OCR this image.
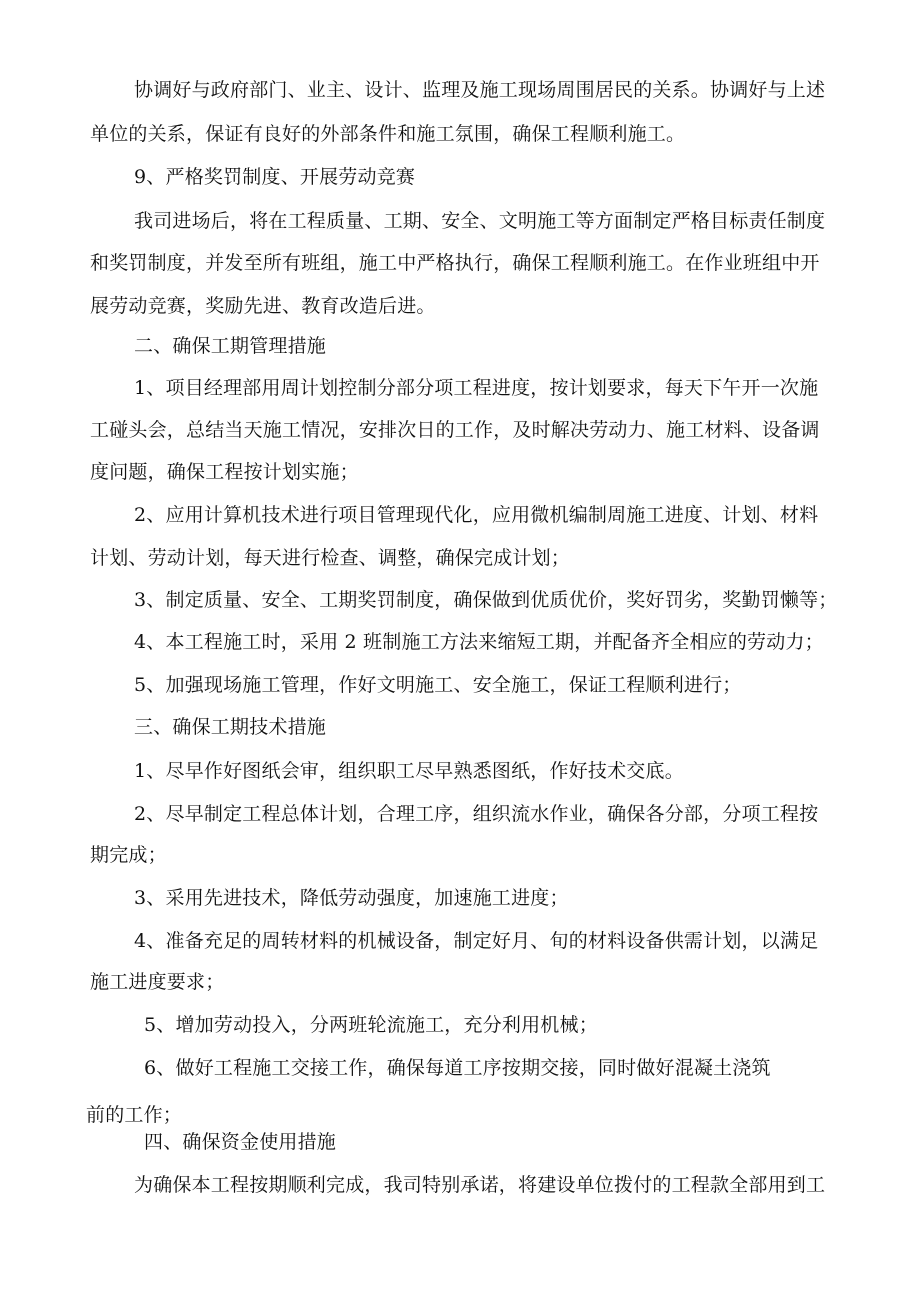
协调好与政府部门、业主、设计、监理及施工现场周围居民的关系。协调好与上述
单位的关系，保证有良好的外部条件和施工氛围，确保工程顺利施工。
9、严格奖罚制度、开展劳动竞赛
我司进场后，将在工程质量、工期、安全、文明施工等方面制定严格目标责任制度
和奖罚制度，并发至所有班组，施工中严格执行，确保工程顺利施工。在作业班组中开
展劳动竞赛，奖励先进、教育改造后进。
二、确保工期管理措施
1、项目经理部用周计划控制分部分项工程进度，按计划要求，每天下午开一次施
工碰头会，总结当天施工情况，安排次日的工作，及时解决劳动力、施工材料、设备调
度问题，确保工程按计划实施；
2、应用计算机技术进行项目管理现代化，应用微机编制周施工进度、计划、材料
计划、劳动计划，每天进行检查、调整，确保完成计划；
3、制定质量、安全、工期奖罚制度，确保做到优质优价，奖好罚劣，奖勤罚懒等；
4、本工程施工时，采用 2 班制施工方法来缩短工期，并配备齐全相应的劳动力；
5、加强现场施工管理，作好文明施工、安全施工，保证工程顺利进行；
三、确保工期技术措施
1、尽早作好图纸会审，组织职工尽早熟悉图纸，作好技术交底。
2、尽早制定工程总体计划，合理工序，组织流水作业，确保各分部，分项工程按
期完成；
3、采用先进技术，降低劳动强度，加速施工进度；
4、准备充足的周转材料的机械设备，制定好月、旬的材料设备供需计划，以满足
施工进度要求；
5、增加劳动投入，分两班轮流施工，充分利用机械；
6、做好工程施工交接工作，确保每道工序按期交接，同时做好混凝土浇筑
前的工作；
四、确保资金使用措施
为确保本工程按期顺利完成，我司特别承诺，将建设单位拨付的工程款全部用到工
